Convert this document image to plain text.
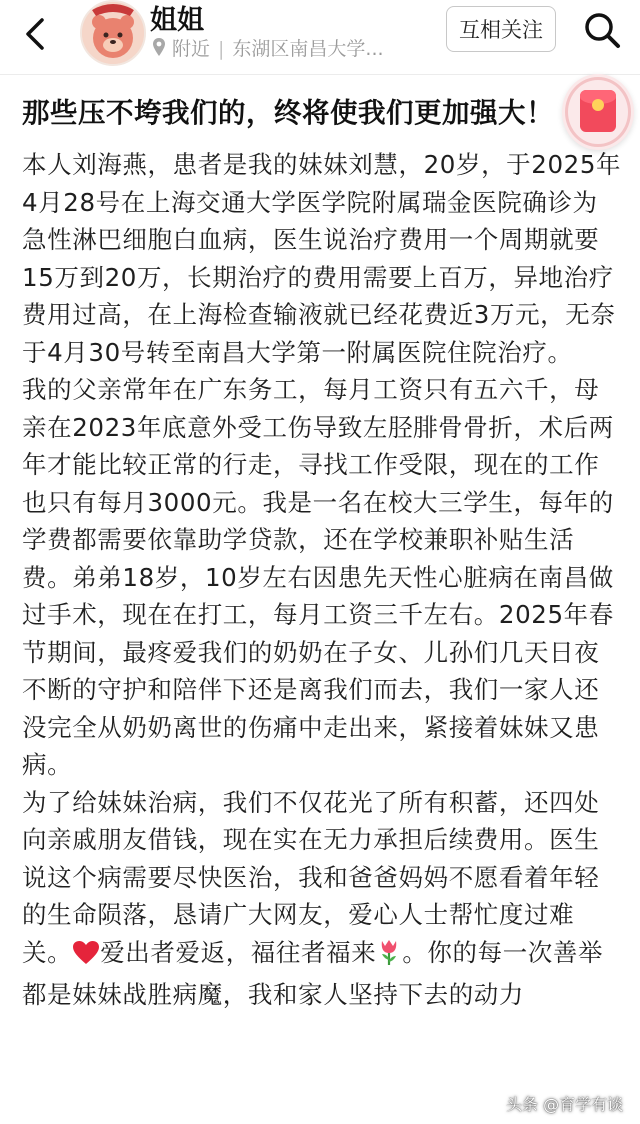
姐姐
附近 | 东湖区南昌大学...
互相关注
那些压不垮我们的，终将使我们更加强大！

本人刘海燕，患者是我的妹妹刘慧，20岁，于2025年4月28号在上海交通大学医学院附属瑞金医院确诊为急性淋巴细胞白血病，医生说治疗费用一个周期就要15万到20万，长期治疗的费用需要上百万，异地治疗费用过高，在上海检查输液就已经花费近3万元，无奈于4月30号转至南昌大学第一附属医院住院治疗。

我的父亲常年在广东务工，每月工资只有五六千，母亲在2023年底意外受工伤导致左胫腓骨骨折，术后两年才能比较正常的行走，寻找工作受限，现在的工作也只有每月3000元。我是一名在校大三学生，每年的学费都需要依靠助学贷款，还在学校兼职补贴生活费。弟弟18岁，10岁左右因患先天性心脏病在南昌做过手术，现在在打工，每月工资三千左右。2025年春节期间，最疼爱我们的奶奶在子女、儿孙们几天日夜不断的守护和陪伴下还是离我们而去，我们一家人还没完全从奶奶离世的伤痛中走出来，紧接着妹妹又患病。

为了给妹妹治病，我们不仅花光了所有积蓄，还四处向亲戚朋友借钱，现在实在无力承担后续费用。医生说这个病需要尽快医治，我和爸爸妈妈不愿看着年轻的生命陨落，恳请广大网友，爱心人士帮忙度过难关。 爱出者爱返，福往者福来 。你的每一次善举都是妹妹战胜病魔，我和家人坚持下去的动力

头条 @育学有谈
